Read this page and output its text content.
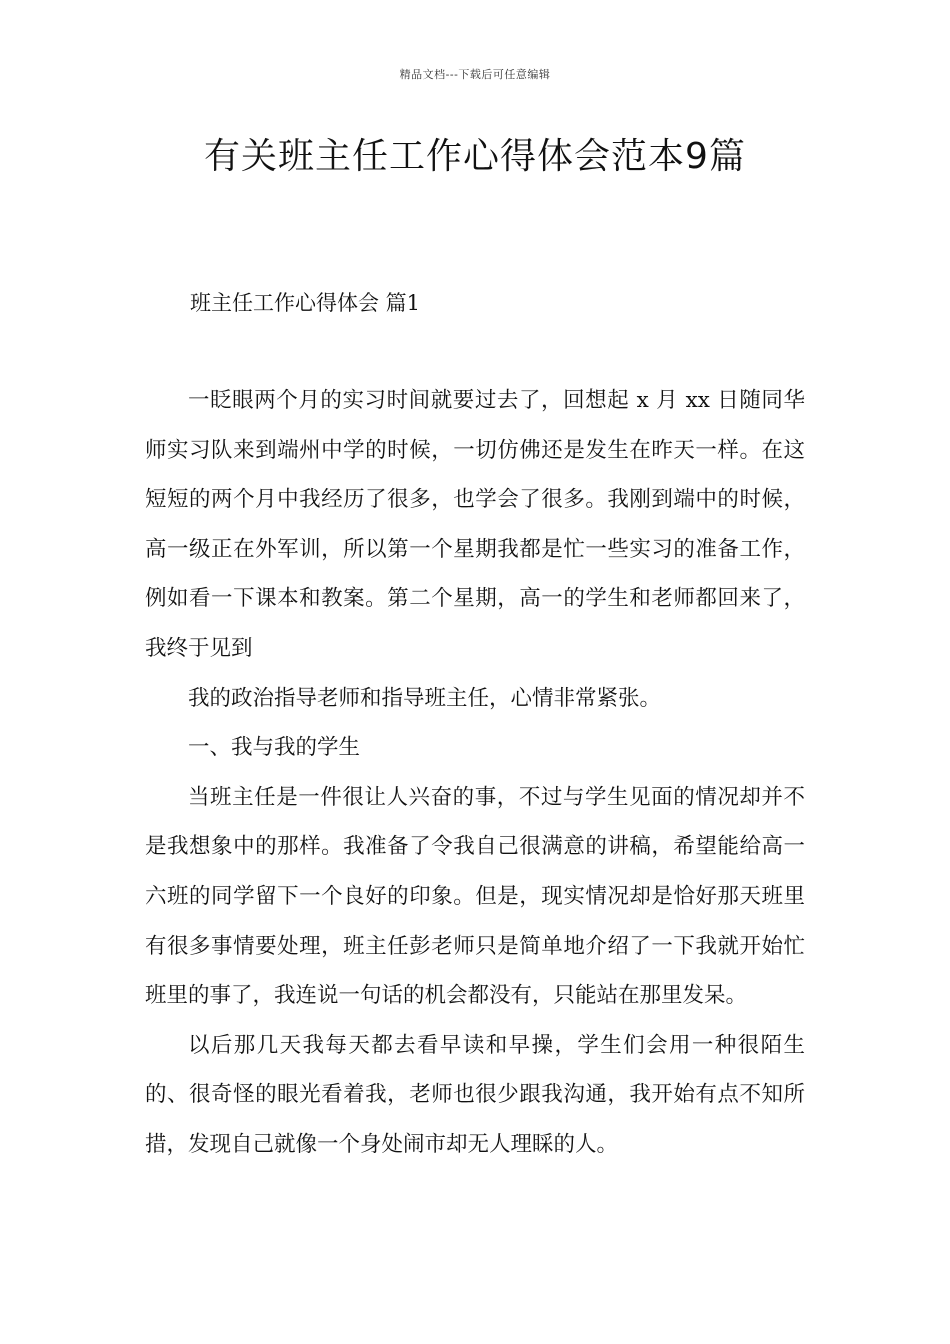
精品文档---下载后可任意编辑
有关班主任工作心得体会范本9篇
班主任工作心得体会 篇1

一眨眼两个月的实习时间就要过去了，回想起 x 月 xx 日随同华师实习队来到端州中学的时候，一切仿佛还是发生在昨天一样。在这短短的两个月中我经历了很多，也学会了很多。我刚到端中的时候，高一级正在外军训，所以第一个星期我都是忙一些实习的准备工作，例如看一下课本和教案。第二个星期，高一的学生和老师都回来了，我终于见到

我的政治指导老师和指导班主任，心情非常紧张。

一、我与我的学生

当班主任是一件很让人兴奋的事，不过与学生见面的情况却并不是我想象中的那样。我准备了令我自己很满意的讲稿，希望能给高一六班的同学留下一个良好的印象。但是，现实情况却是恰好那天班里有很多事情要处理，班主任彭老师只是简单地介绍了一下我就开始忙班里的事了，我连说一句话的机会都没有，只能站在那里发呆。

以后那几天我每天都去看早读和早操，学生们会用一种很陌生的、很奇怪的眼光看着我，老师也很少跟我沟通，我开始有点不知所措，发现自己就像一个身处闹市却无人理睬的人。
